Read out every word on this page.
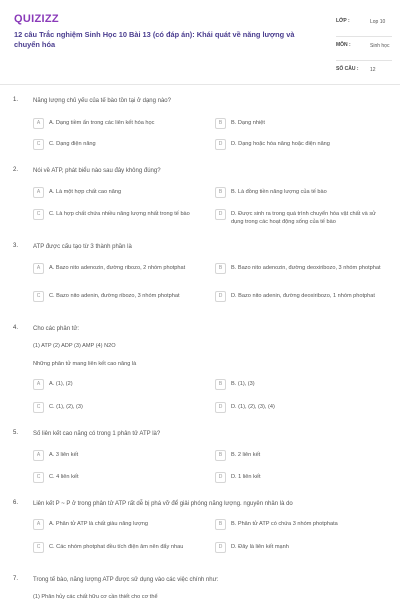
QUIZIZZ
12 câu Trắc nghiệm Sinh Học 10 Bài 13 (có đáp án): Khái quát về năng lượng và chuyển hóa
LỚP :	Lop 10
MÔN :	Sinh học
SỐ CÂU : 12
1. Năng lượng chủ yếu của tế bào tồn tại ở dạng nào?
A	A. Dạng tiềm ẩn trong các liên kết hóa học	B	B. Dạng nhiệt
C	C. Dạng điện năng	D	D. Dạng hoặc hóa năng hoặc điện năng
2. Nói về ATP, phát biểu nào sau đây không đúng?
A	A. Là một hợp chất cao năng	B	B. Là đồng tiền năng lượng của tế bào
C	C. Là hợp chất chứa nhiều năng lượng nhất trong tế bào	D	D. Được sinh ra trong quá trình chuyển hóa vật chất và sử dụng trong các hoạt động sống của tế bào
3. ATP được cấu tạo từ 3 thành phần là
A	A. Bazo nito adenozin, đường ribozo, 2 nhóm photphat	B	B. Bazo nito adenozin, đường deoxiribozo, 3 nhóm photphat
C	C. Bazo nito adenin, đường ribozo, 3 nhóm photphat	D	D. Bazo nito adenin, đường deoxiribozo, 1 nhóm photphat
4. Cho các phân tử:
(1) ATP (2) ADP (3) AMP (4) N2O
Những phân tử mang liên kết cao năng là
A	A. (1), (2)	B	B. (1), (3)
C	C. (1), (2), (3)	D	D. (1), (2), (3), (4)
5. Số liên kết cao năng có trong 1 phân tử ATP là?
A	A. 3 liên kết	B	B. 2 liên kết
C	C. 4 liên kết	D	D. 1 liên kết
6. Liên kết P ~ P ở trong phân tử ATP rất dễ bị phá vỡ để giải phóng năng lượng. nguyên nhân là do
A	A. Phân tử ATP là chất giàu năng lượng	B	B. Phân tử ATP có chứa 3 nhóm photphata
C	C. Các nhóm photphat đều tích điện âm nên đẩy nhau	D	D. Đây là liên kết mạnh
7. Trong tế bào, năng lượng ATP được sử dụng vào các việc chính như:
(1) Phân hủy các chất hữu cơ cần thiết cho cơ thể
